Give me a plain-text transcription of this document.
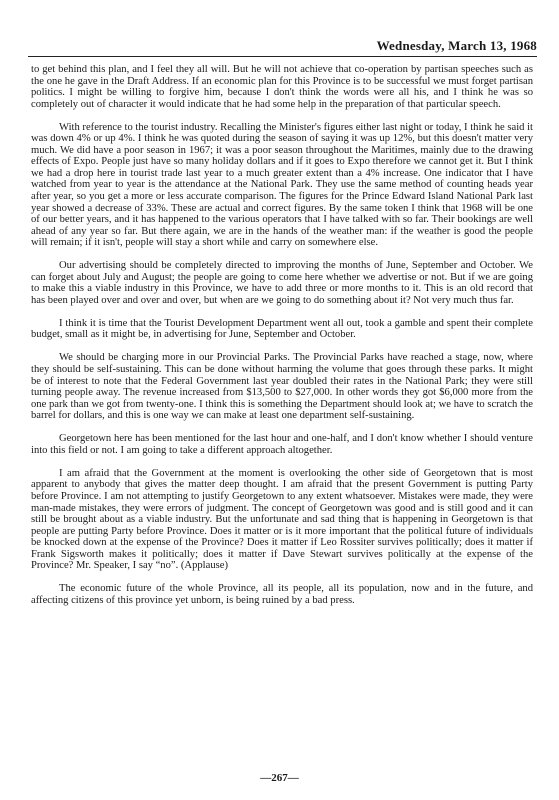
Wednesday, March 13, 1968

to get behind this plan, and I feel they all will. But he will not achieve that co-operation by partisan speeches such as the one he gave in the Draft Address. If an economic plan for this Province is to be successful we must forget partisan politics. I might be willing to forgive him, because I don't think the words were all his, and I think he was so completely out of character it would indicate that he had some help in the preparation of that particular speech.

With reference to the tourist industry. Recalling the Minister's figures either last night or today, I think he said it was down 4% or up 4%. I think he was quoted during the season of saying it was up 12%, but this doesn't matter very much. We did have a poor season in 1967; it was a poor season throughout the Maritimes, mainly due to the drawing effects of Expo. People just have so many holiday dollars and if it goes to Expo therefore we cannot get it. But I think we had a drop here in tourist trade last year to a much greater extent than a 4% increase. One indicator that I have watched from year to year is the attendance at the National Park. They use the same method of counting heads year after year, so you get a more or less accurate comparison. The figures for the Prince Edward Island National Park last year showed a decrease of 33%. These are actual and correct figures. By the same token I think that 1968 will be one of our better years, and it has happened to the various operators that I have talked with so far. Their bookings are well ahead of any year so far. But there again, we are in the hands of the weather man: if the weather is good the people will remain; if it isn't, people will stay a short while and carry on somewhere else.

Our advertising should be completely directed to improving the months of June, September and October. We can forget about July and August; the people are going to come here whether we advertise or not. But if we are going to make this a viable industry in this Province, we have to add three or more months to it. This is an old record that has been played over and over and over, but when are we going to do something about it? Not very much thus far.

I think it is time that the Tourist Development Department went all out, took a gamble and spent their complete budget, small as it might be, in advertising for June, September and October.

We should be charging more in our Provincial Parks. The Provincial Parks have reached a stage, now, where they should be self-sustaining. This can be done without harming the volume that goes through these parks. It might be of interest to note that the Federal Government last year doubled their rates in the National Park; they were still turning people away. The revenue increased from $13,500 to $27,000. In other words they got $6,000 more from the one park than we got from twenty-one. I think this is something the Department should look at; we have to scratch the barrel for dollars, and this is one way we can make at least one department self-sustaining.

Georgetown here has been mentioned for the last hour and one-half, and I don't know whether I should venture into this field or not. I am going to take a different approach altogether.

I am afraid that the Government at the moment is overlooking the other side of Georgetown that is most apparent to anybody that gives the matter deep thought. I am afraid that the present Government is putting Party before Province. I am not attempting to justify Georgetown to any extent whatsoever. Mistakes were made, they were man-made mistakes, they were errors of judgment. The concept of Georgetown was good and is still good and it can still be brought about as a viable industry. But the unfortunate and sad thing that is happening in Georgetown is that people are putting Party before Province. Does it matter or is it more important that the political future of individuals be knocked down at the expense of the Province? Does it matter if Leo Rossiter survives politically; does it matter if Frank Sigsworth makes it politically; does it matter if Dave Stewart survives politically at the expense of the Province? Mr. Speaker, I say “no”. (Applause)

The economic future of the whole Province, all its people, all its population, now and in the future, and affecting citizens of this province yet unborn, is being ruined by a bad press.

—267—
